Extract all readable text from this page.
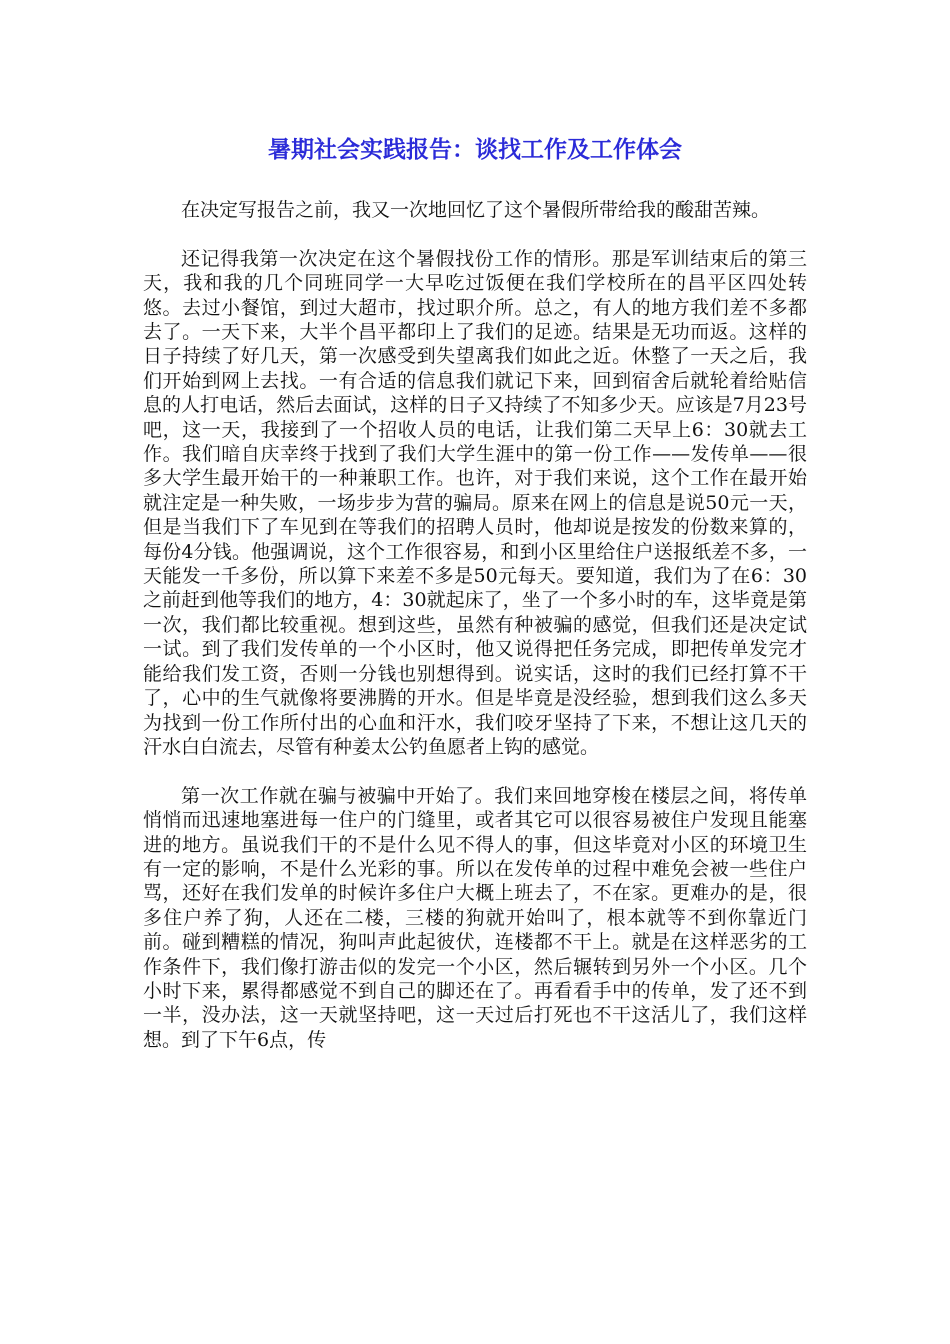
暑期社会实践报告：谈找工作及工作体会

在决定写报告之前，我又一次地回忆了这个暑假所带给我的酸甜苦辣。

还记得我第一次决定在这个暑假找份工作的情形。那是军训结束后的第三天，我和我的几个同班同学一大早吃过饭便在我们学校所在的昌平区四处转悠。去过小餐馆，到过大超市，找过职介所。总之，有人的地方我们差不多都去了。一天下来，大半个昌平都印上了我们的足迹。结果是无功而返。这样的日子持续了好几天，第一次感受到失望离我们如此之近。休整了一天之后，我们开始到网上去找。一有合适的信息我们就记下来，回到宿舍后就轮着给贴信息的人打电话，然后去面试，这样的日子又持续了不知多少天。应该是7月23号吧，这一天，我接到了一个招收人员的电话，让我们第二天早上6：30就去工作。我们暗自庆幸终于找到了我们大学生涯中的第一份工作——发传单——很多大学生最开始干的一种兼职工作。也许，对于我们来说，这个工作在最开始就注定是一种失败，一场步步为营的骗局。原来在网上的信息是说50元一天，但是当我们下了车见到在等我们的招聘人员时，他却说是按发的份数来算的，每份4分钱。他强调说，这个工作很容易，和到小区里给住户送报纸差不多，一天能发一千多份，所以算下来差不多是50元每天。要知道，我们为了在6：30之前赶到他等我们的地方，4：30就起床了，坐了一个多小时的车，这毕竟是第一次，我们都比较重视。想到这些，虽然有种被骗的感觉，但我们还是决定试一试。到了我们发传单的一个小区时，他又说得把任务完成，即把传单发完才能给我们发工资，否则一分钱也别想得到。说实话，这时的我们已经打算不干了，心中的生气就像将要沸腾的开水。但是毕竟是没经验，想到我们这么多天为找到一份工作所付出的心血和汗水，我们咬牙坚持了下来，不想让这几天的汗水白白流去，尽管有种姜太公钓鱼愿者上钩的感觉。

第一次工作就在骗与被骗中开始了。我们来回地穿梭在楼层之间，将传单悄悄而迅速地塞进每一住户的门缝里，或者其它可以很容易被住户发现且能塞进的地方。虽说我们干的不是什么见不得人的事，但这毕竟对小区的环境卫生有一定的影响，不是什么光彩的事。所以在发传单的过程中难免会被一些住户骂，还好在我们发单的时候许多住户大概上班去了，不在家。更难办的是，很多住户养了狗，人还在二楼，三楼的狗就开始叫了，根本就等不到你靠近门前。碰到糟糕的情况，狗叫声此起彼伏，连楼都不干上。就是在这样恶劣的工作条件下，我们像打游击似的发完一个小区，然后辗转到另外一个小区。几个小时下来，累得都感觉不到自己的脚还在了。再看看手中的传单，发了还不到一半，没办法，这一天就坚持吧，这一天过后打死也不干这活儿了，我们这样想。到了下午6点，传
